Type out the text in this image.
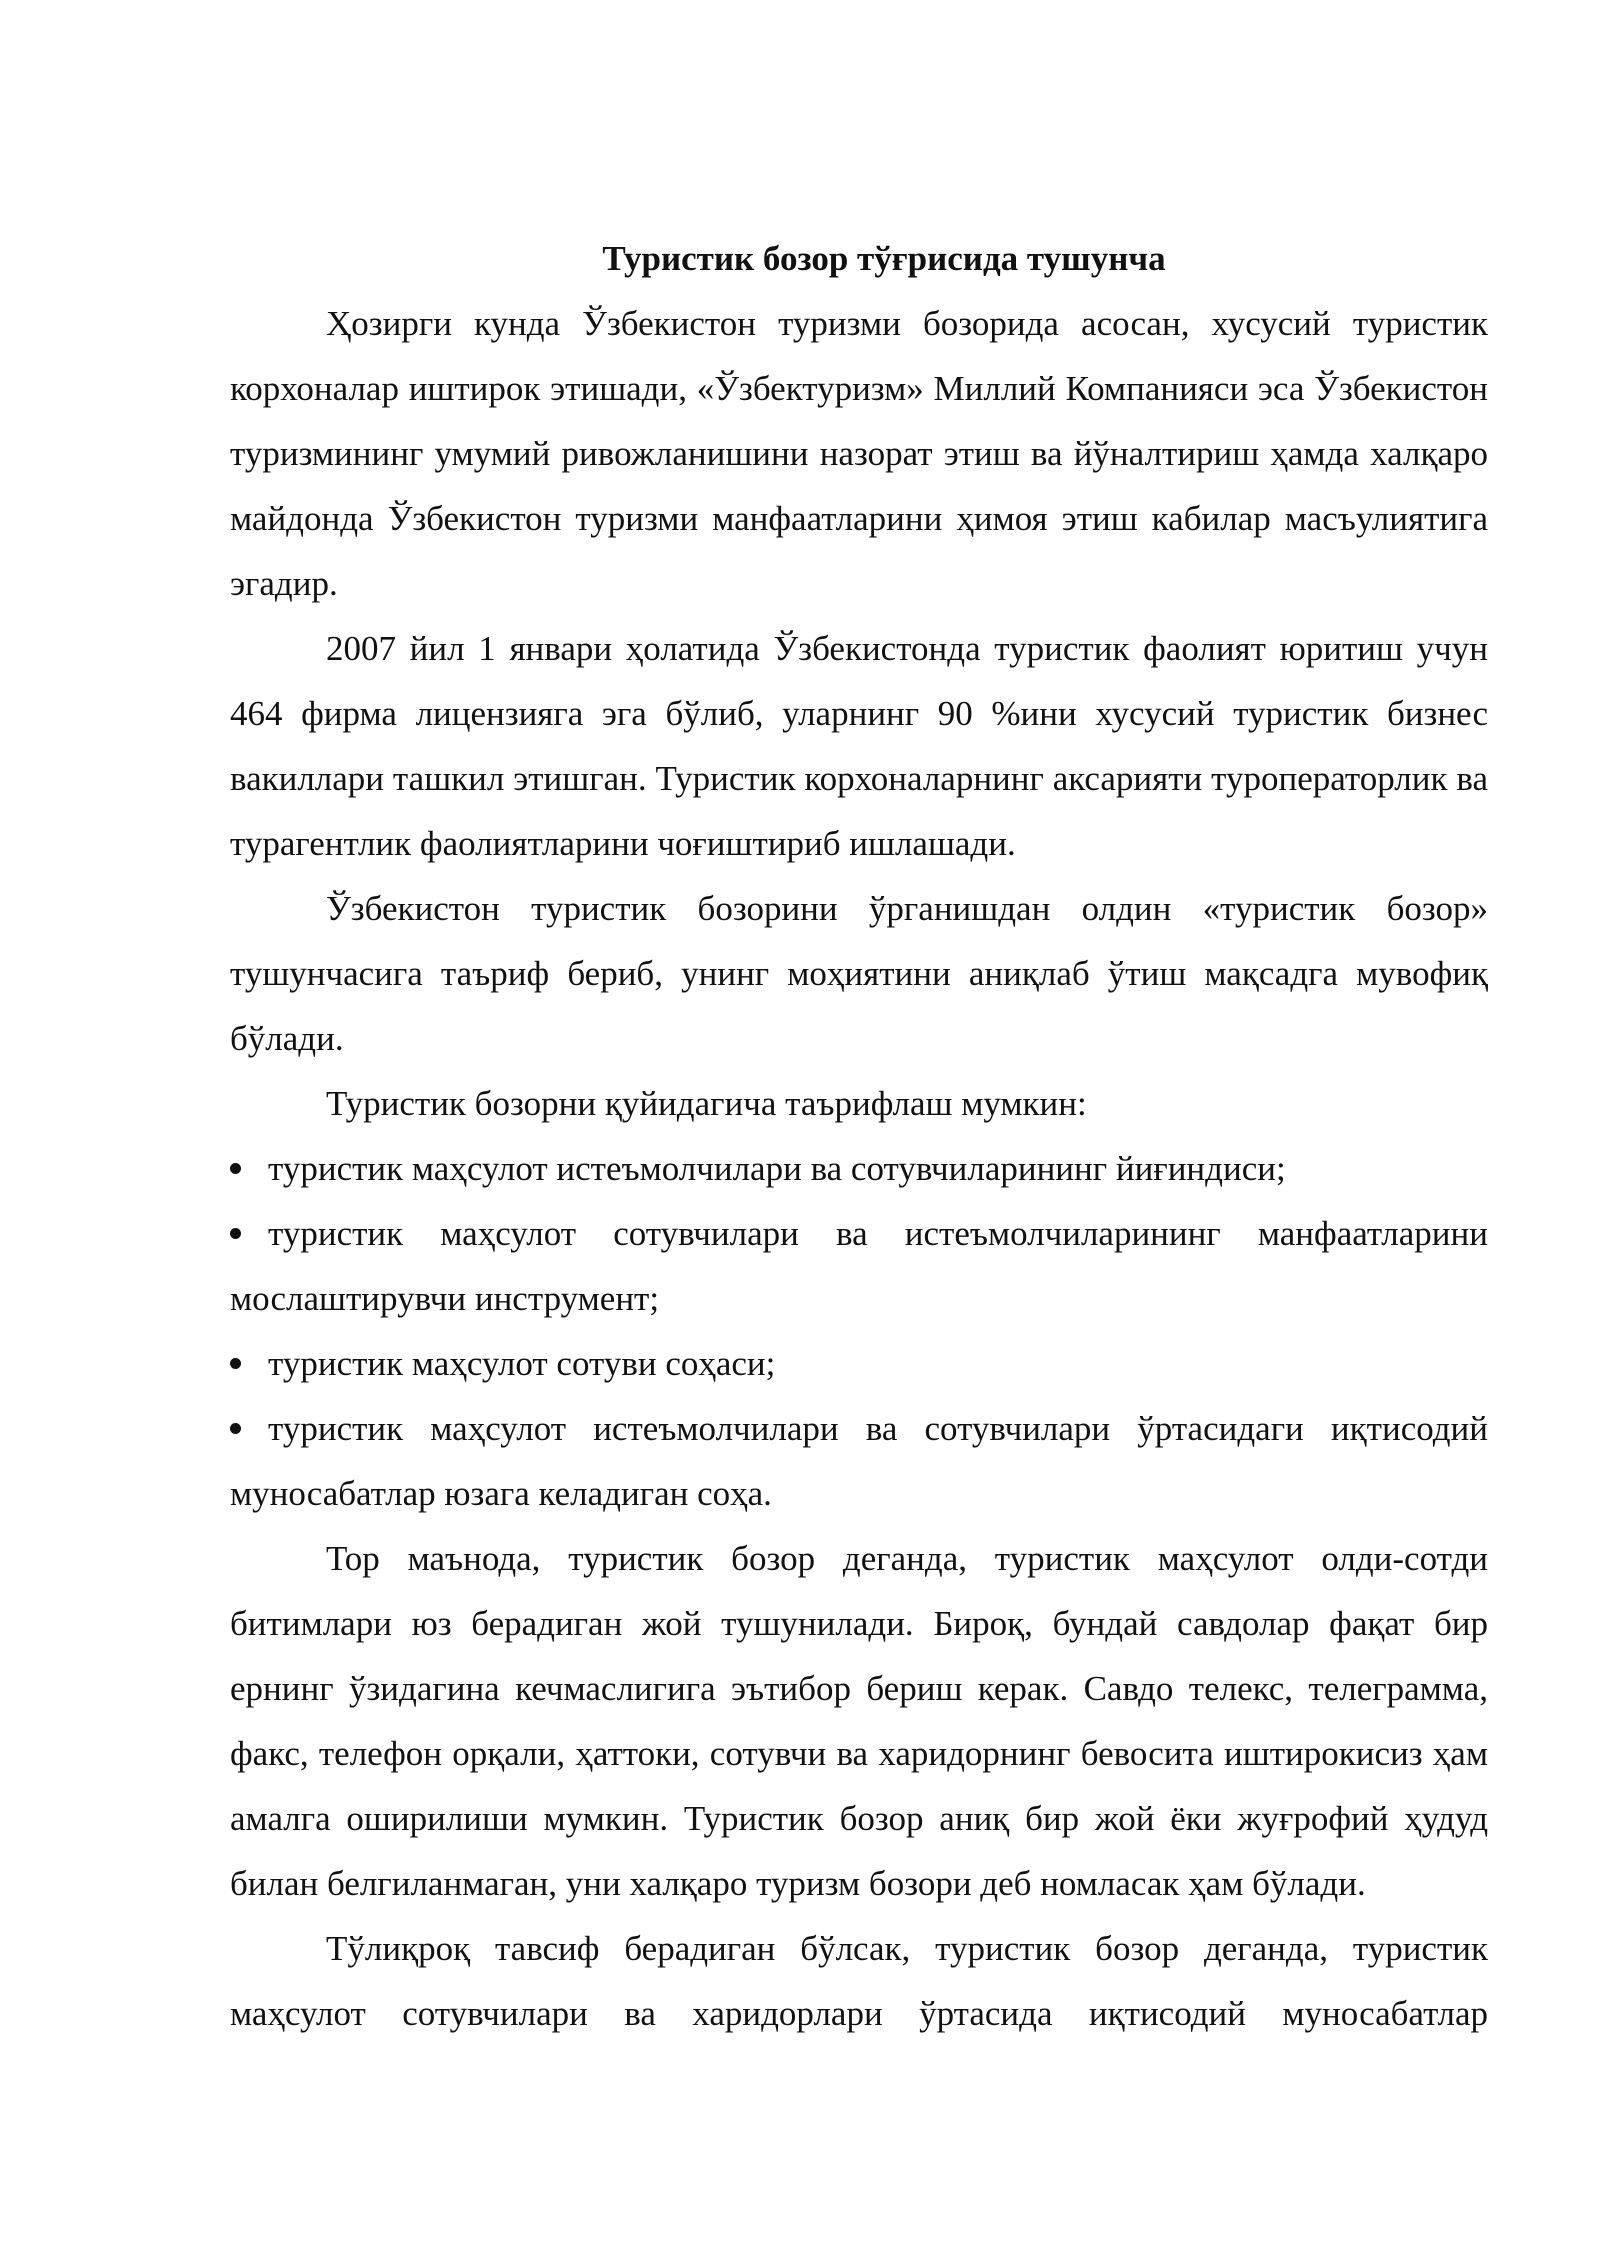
Туристик бозор тўғрисида тушунча

Ҳозирги кунда Ўзбекистон туризми бозорида асосан, хусусий туристик корхоналар иштирок этишади, «Ўзбектуризм» Миллий Компанияси эса Ўзбекистон туризмининг умумий ривожланишини назорат этиш ва йўналтириш ҳамда халқаро майдонда Ўзбекистон туризми манфаатларини ҳимоя этиш кабилар масъулиятига эгадир.

2007 йил 1 январи ҳолатида Ўзбекистонда туристик фаолият юритиш учун 464 фирма лицензияга эга бўлиб, уларнинг 90 %ини хусусий туристик бизнес вакиллари ташкил этишган. Туристик корхоналарнинг аксарияти туроператорлик ва турагентлик фаолиятларини чоғиштириб ишлашади.

Ўзбекистон туристик бозорини ўрганишдан олдин «туристик бозор» тушунчасига таъриф бериб, унинг моҳиятини аниқлаб ўтиш мақсадга мувофиқ бўлади.

Туристик бозорни қуйидагича таърифлаш мумкин:

туристик маҳсулот истеъмолчилари ва сотувчиларининг йиғиндиси;

туристик маҳсулот сотувчилари ва истеъмолчиларининг манфаатларини мослаштирувчи инструмент;

туристик маҳсулот сотуви соҳаси;

туристик маҳсулот истеъмолчилари ва сотувчилари ўртасидаги иқтисодий муносабатлар юзага келадиган соҳа.

Тор маънода, туристик бозор деганда, туристик маҳсулот олди-сотди битимлари юз берадиган жой тушунилади. Бироқ, бундай савдолар фақат бир ернинг ўзидагина кечмаслигига эътибор бериш керак. Савдо телекс, телеграмма, факс, телефон орқали, ҳаттоки, сотувчи ва харидорнинг бевосита иштирокисиз ҳам амалга оширилиши мумкин. Туристик бозор аниқ бир жой ёки жуғрофий ҳудуд билан белгиланмаган, уни халқаро туризм бозори деб номласак ҳам бўлади.

Тўлиқроқ тавсиф берадиган бўлсак, туристик бозор деганда, туристик маҳсулот сотувчилари ва харидорлари ўртасида иқтисодий муносабатлар
